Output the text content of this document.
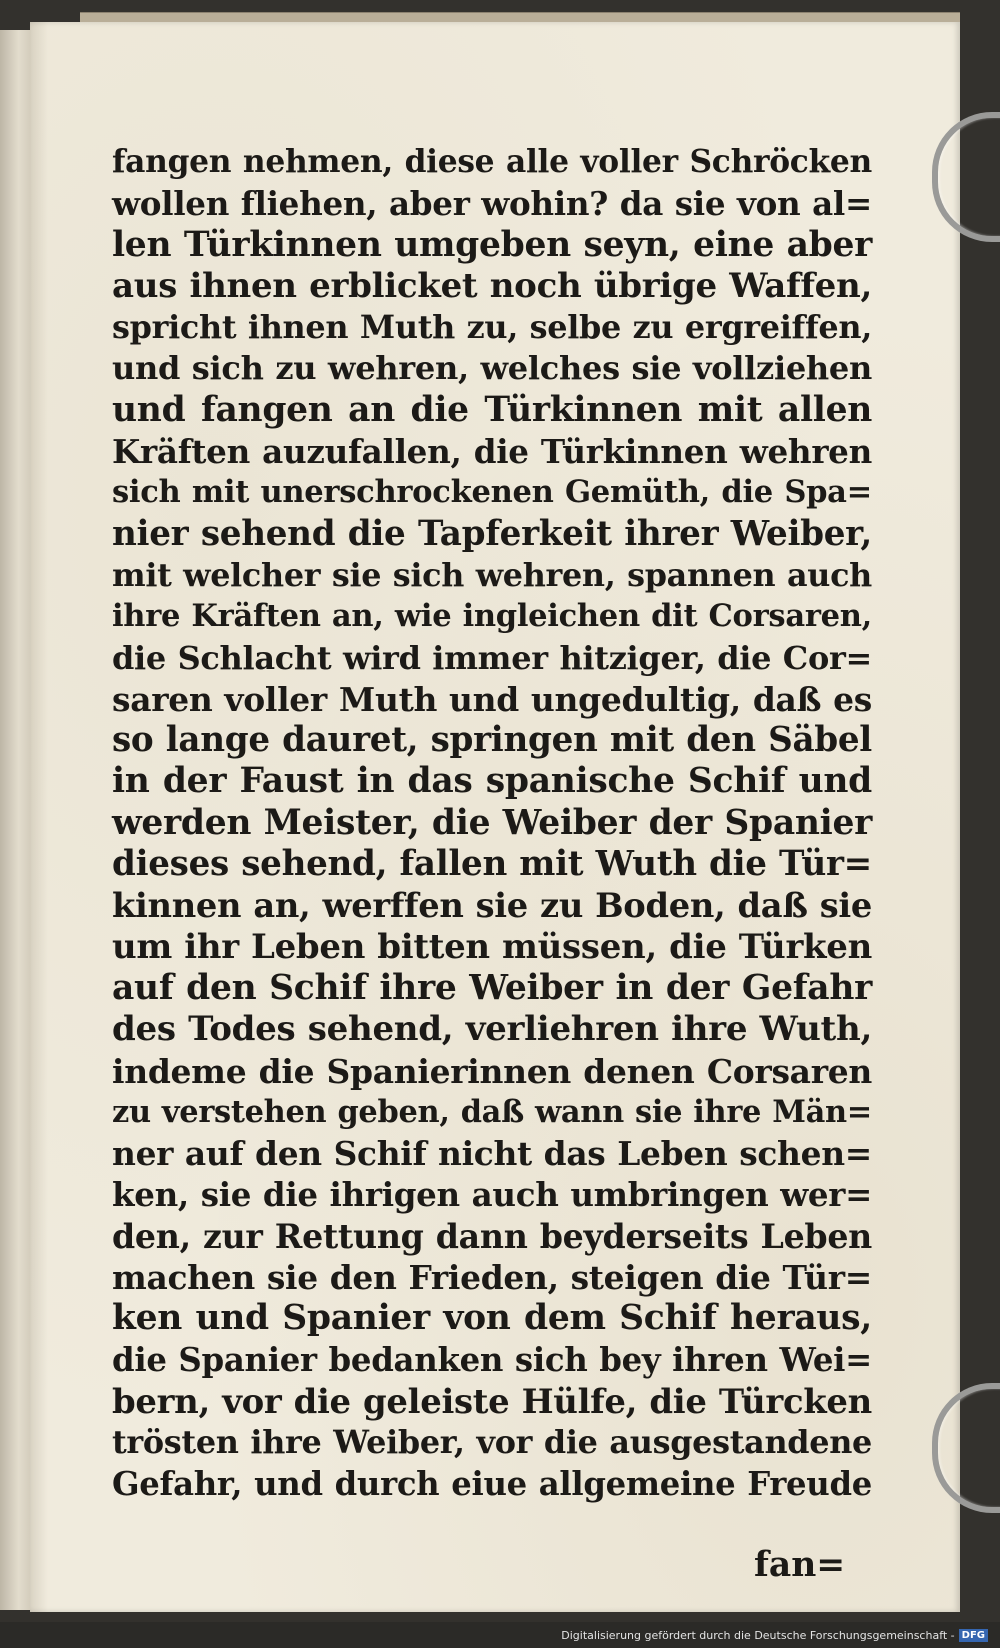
fangen nehmen, diese alle voller Schröcken
wollen fliehen, aber wohin? da sie von al=
len Türkinnen umgeben seyn, eine aber
aus ihnen erblicket noch übrige Waffen,
spricht ihnen Muth zu, selbe zu ergreiffen,
und sich zu wehren, welches sie vollziehen
und fangen an die Türkinnen mit allen
Kräften auzufallen, die Türkinnen wehren
sich mit unerschrockenen Gemüth, die Spa=
nier sehend die Tapferkeit ihrer Weiber,
mit welcher sie sich wehren, spannen auch
ihre Kräften an, wie ingleichen dit Corsaren,
die Schlacht wird immer hitziger, die Cor=
saren voller Muth und ungedultig, daß es
so lange dauret, springen mit den Säbel
in der Faust in das spanische Schif und
werden Meister, die Weiber der Spanier
dieses sehend, fallen mit Wuth die Tür=
kinnen an, werffen sie zu Boden, daß sie
um ihr Leben bitten müssen, die Türken
auf den Schif ihre Weiber in der Gefahr
des Todes sehend, verliehren ihre Wuth,
indeme die Spanierinnen denen Corsaren
zu verstehen geben, daß wann sie ihre Män=
ner auf den Schif nicht das Leben schen=
ken, sie die ihrigen auch umbringen wer=
den, zur Rettung dann beyderseits Leben
machen sie den Frieden, steigen die Tür=
ken und Spanier von dem Schif heraus,
die Spanier bedanken sich bey ihren Wei=
bern, vor die geleiste Hülfe, die Türcken
trösten ihre Weiber, vor die ausgestandene
Gefahr, und durch eiue allgemeine Freude
fan=
Digitalisierung gefördert durch die Deutsche Forschungsgemeinschaft - DFG
